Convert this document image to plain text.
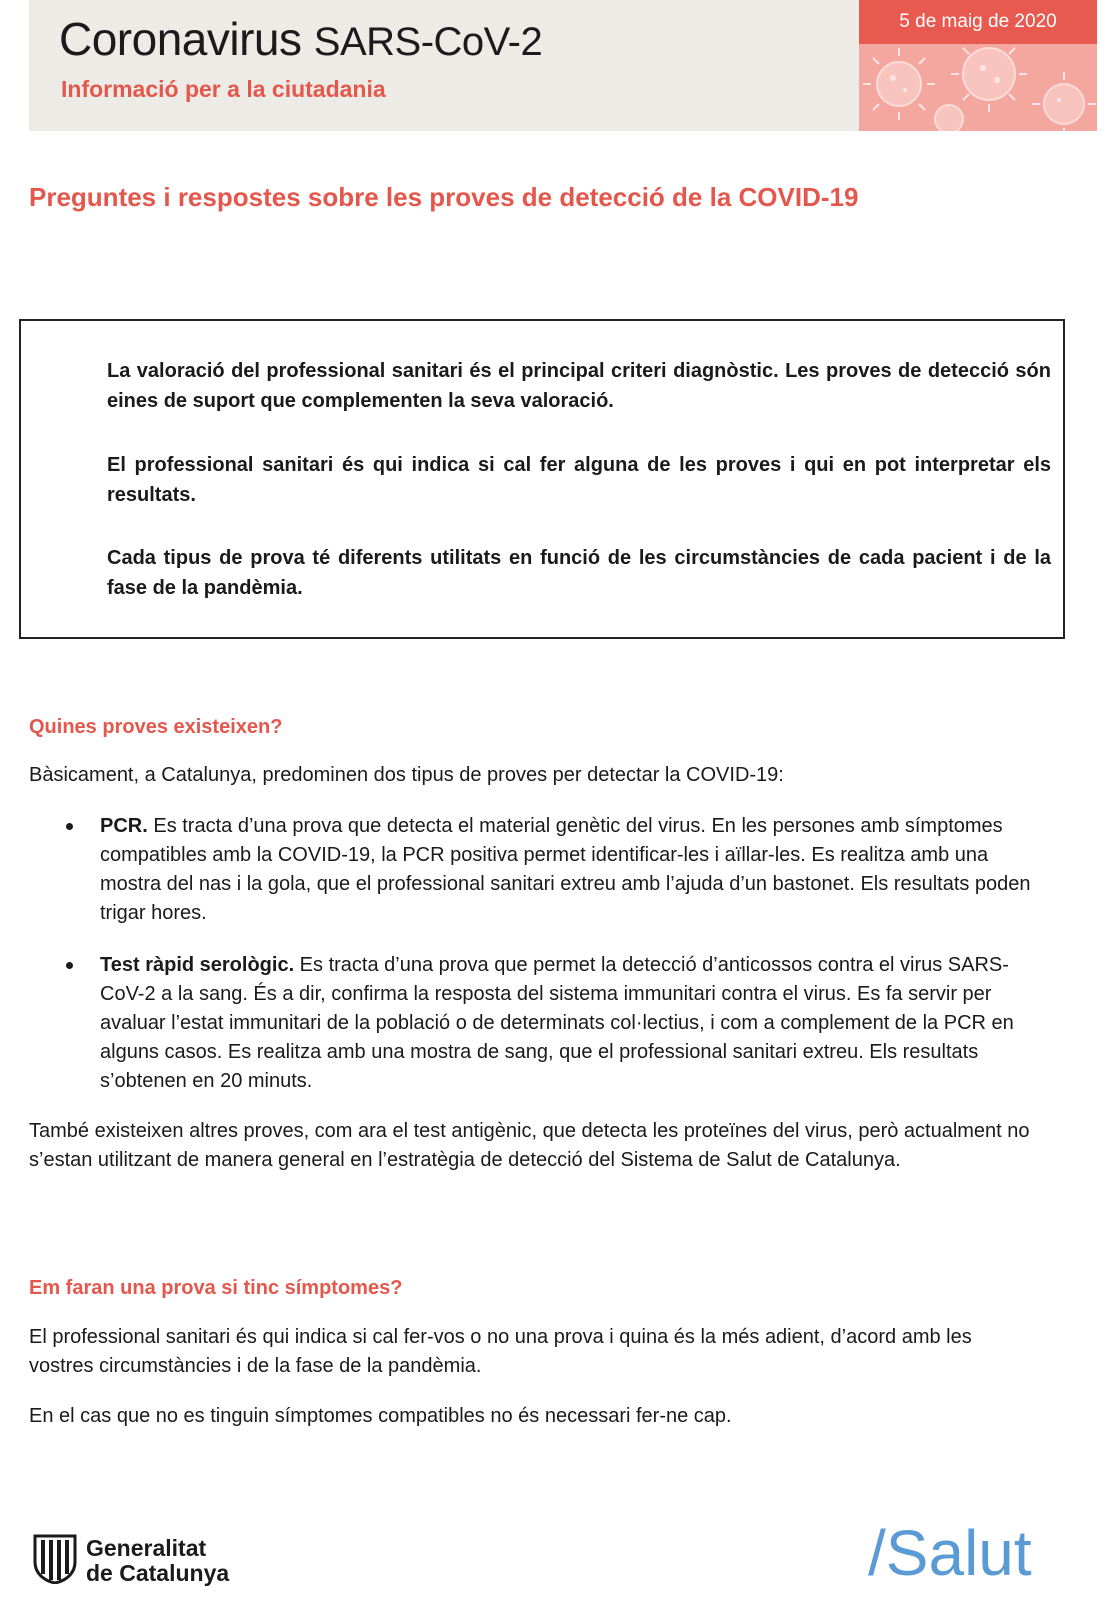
Coronavirus SARS-CoV-2
Informació per a la ciutadania
5 de maig de 2020
Preguntes i respostes sobre les proves de detecció de la COVID-19

La valoració del professional sanitari és el principal criteri diagnòstic. Les proves de detecció són eines de suport que complementen la seva valoració.

El professional sanitari és qui indica si cal fer alguna de les proves i qui en pot interpretar els resultats.

Cada tipus de prova té diferents utilitats en funció de les circumstàncies de cada pacient i de la fase de la pandèmia.

Quines proves existeixen?

Bàsicament, a Catalunya, predominen dos tipus de proves per detectar la COVID-19:

PCR. Es tracta d’una prova que detecta el material genètic del virus. En les persones amb símptomes compatibles amb la COVID-19, la PCR positiva permet identificar-les i aïllar-les. Es realitza amb una mostra del nas i la gola, que el professional sanitari extreu amb l’ajuda d’un bastonet. Els resultats poden trigar hores.

Test ràpid serològic. Es tracta d’una prova que permet la detecció d’anticossos contra el virus SARS-CoV-2 a la sang. És a dir, confirma la resposta del sistema immunitari contra el virus. Es fa servir per avaluar l’estat immunitari de la població o de determinats col·lectius, i com a complement de la PCR en alguns casos. Es realitza amb una mostra de sang, que el professional sanitari extreu. Els resultats s’obtenen en 20 minuts.

També existeixen altres proves, com ara el test antigènic, que detecta les proteïnes del virus, però actualment no s’estan utilitzant de manera general en l’estratègia de detecció del Sistema de Salut de Catalunya.

Em faran una prova si tinc símptomes?

El professional sanitari és qui indica si cal fer-vos o no una prova i quina és la més adient, d’acord amb les vostres circumstàncies i de la fase de la pandèmia.

En el cas que no es tinguin símptomes compatibles no és necessari fer-ne cap.

Generalitat
de Catalunya	/Salut
